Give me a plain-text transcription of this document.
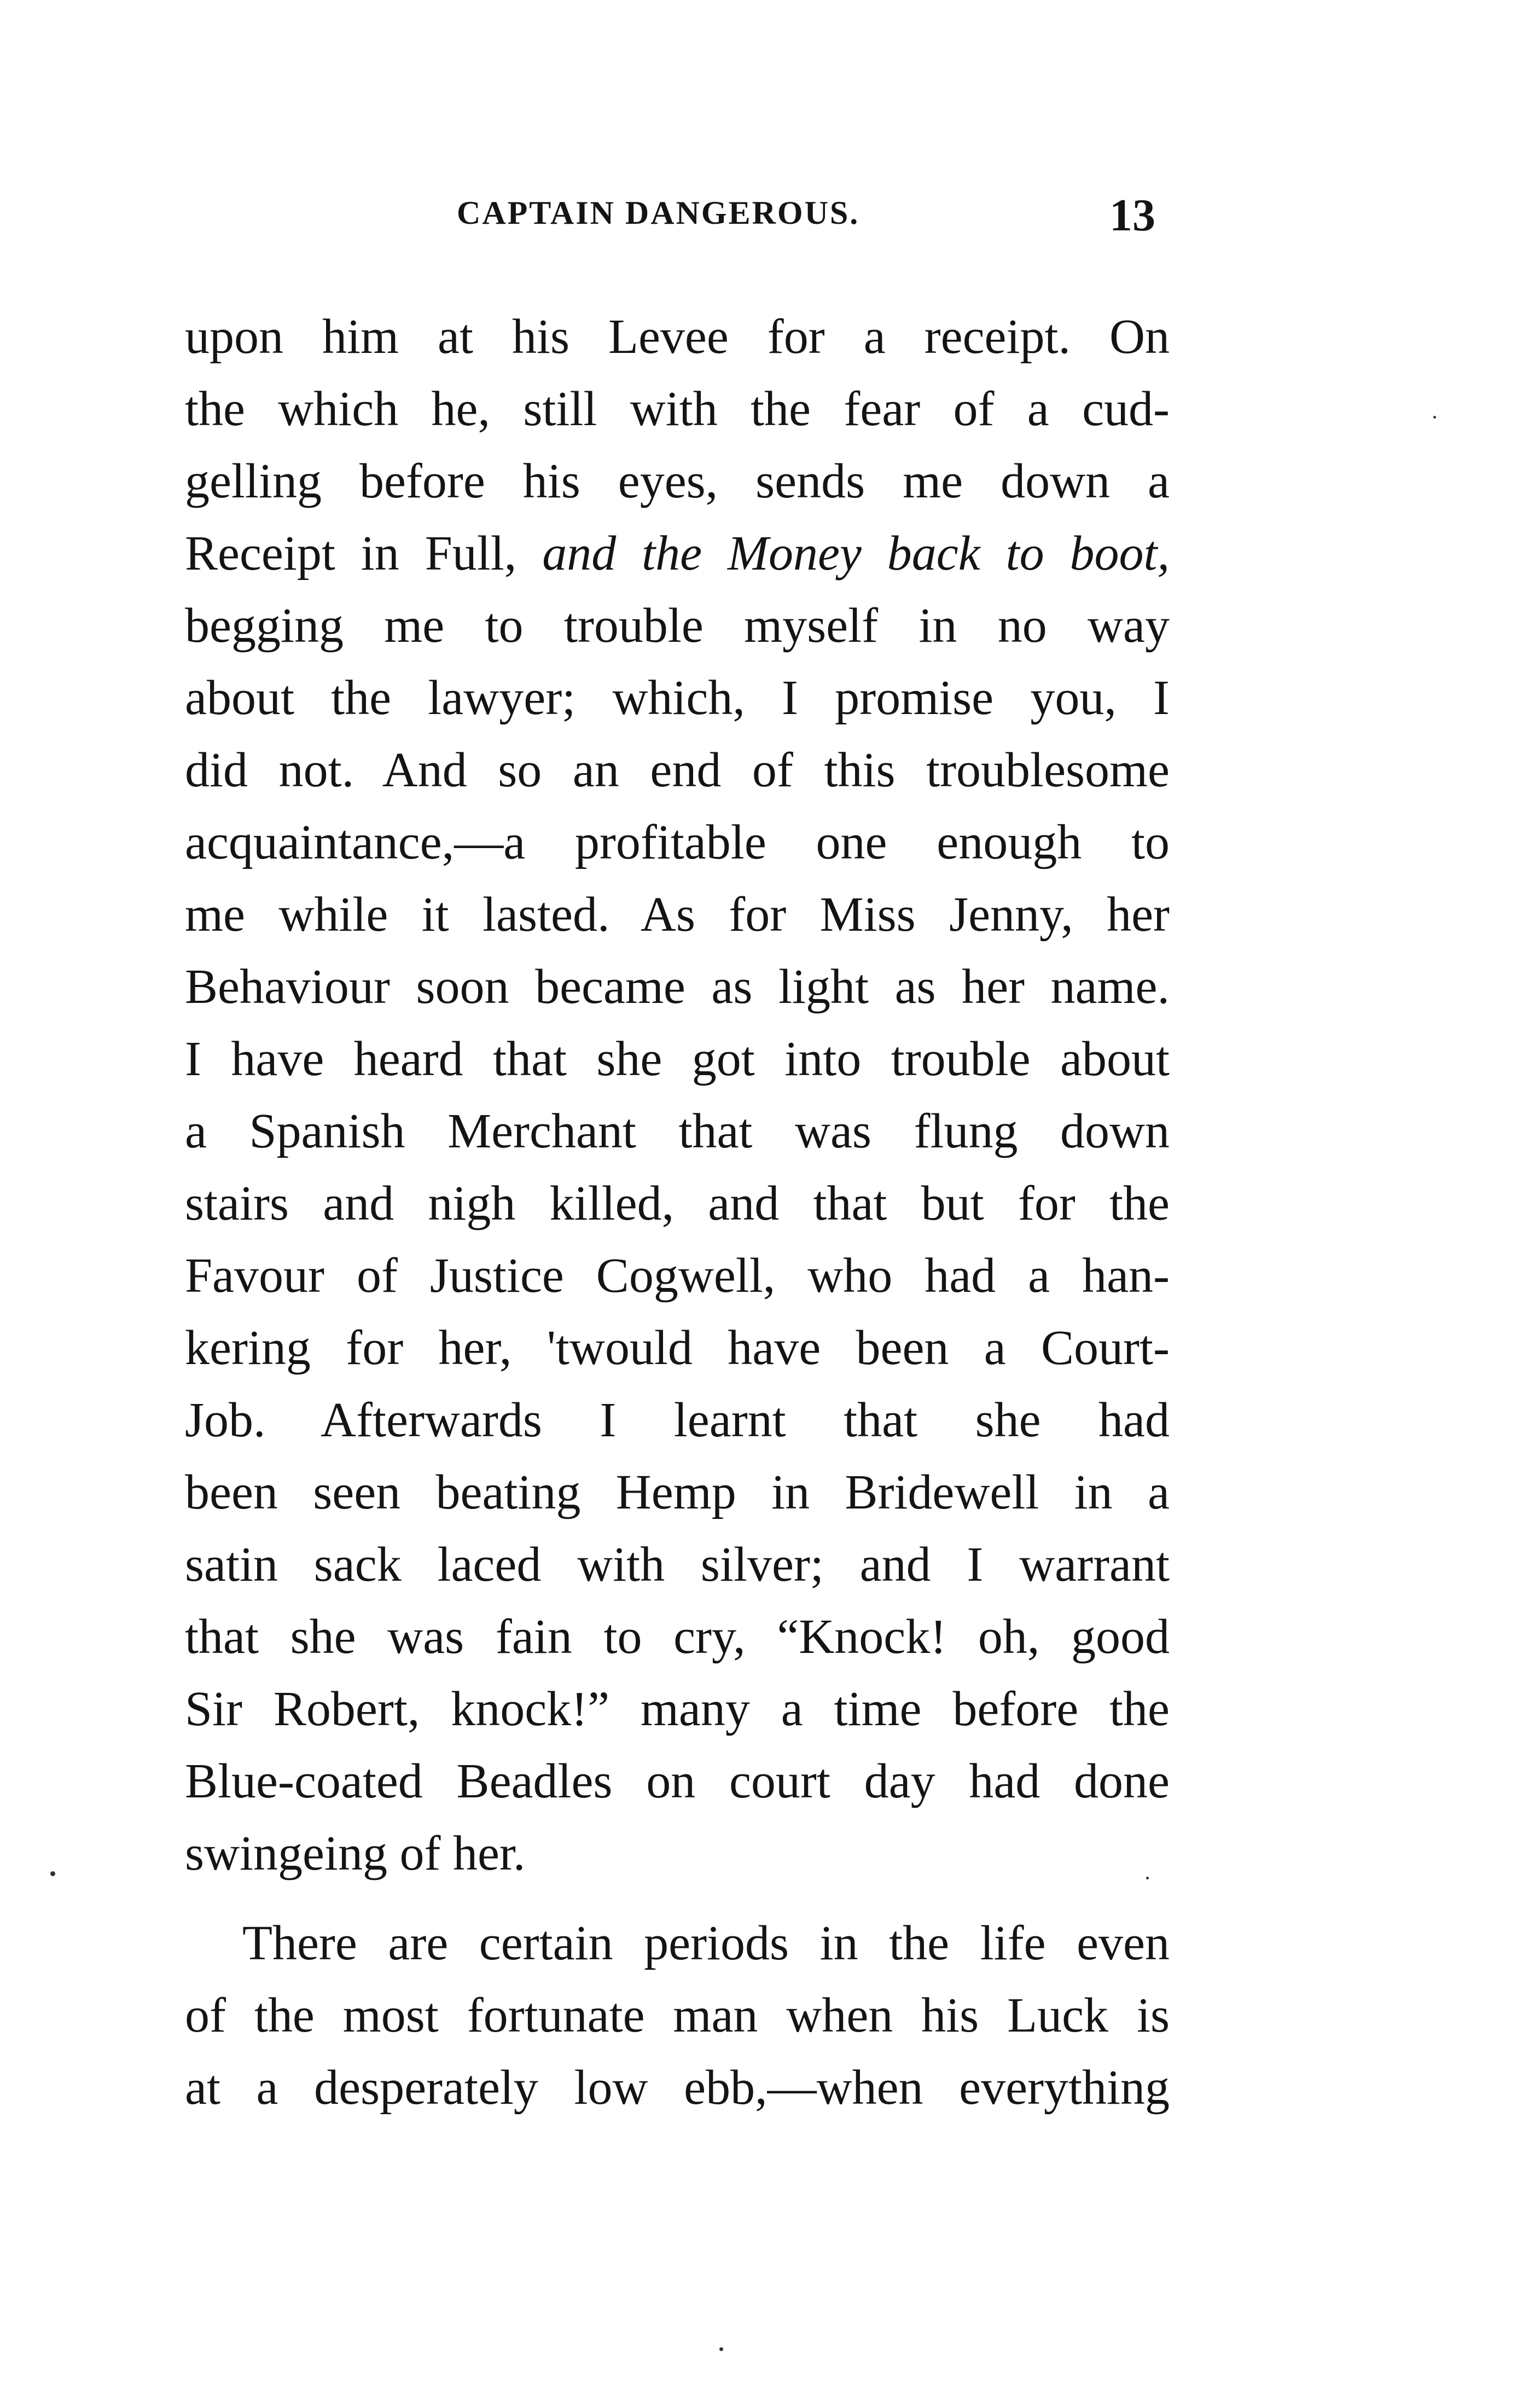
CAPTAIN DANGEROUS.	13
upon him at his Levee for a receipt. On
the which he, still with the fear of a cud-
gelling before his eyes, sends me down a
Receipt in Full, and the Money back to boot,
begging me to trouble myself in no way
about the lawyer; which, I promise you, I
did not. And so an end of this troublesome
acquaintance,—a profitable one enough to
me while it lasted. As for Miss Jenny, her
Behaviour soon became as light as her name.
I have heard that she got into trouble about
a Spanish Merchant that was flung down
stairs and nigh killed, and that but for the
Favour of Justice Cogwell, who had a han-
kering for her, 'twould have been a Court-
Job. Afterwards I learnt that she had
been seen beating Hemp in Bridewell in a
satin sack laced with silver; and I warrant
that she was fain to cry, “Knock! oh, good
Sir Robert, knock!” many a time before the
Blue-coated Beadles on court day had done
swingeing of her.
There are certain periods in the life even
of the most fortunate man when his Luck is
at a desperately low ebb,—when everything
